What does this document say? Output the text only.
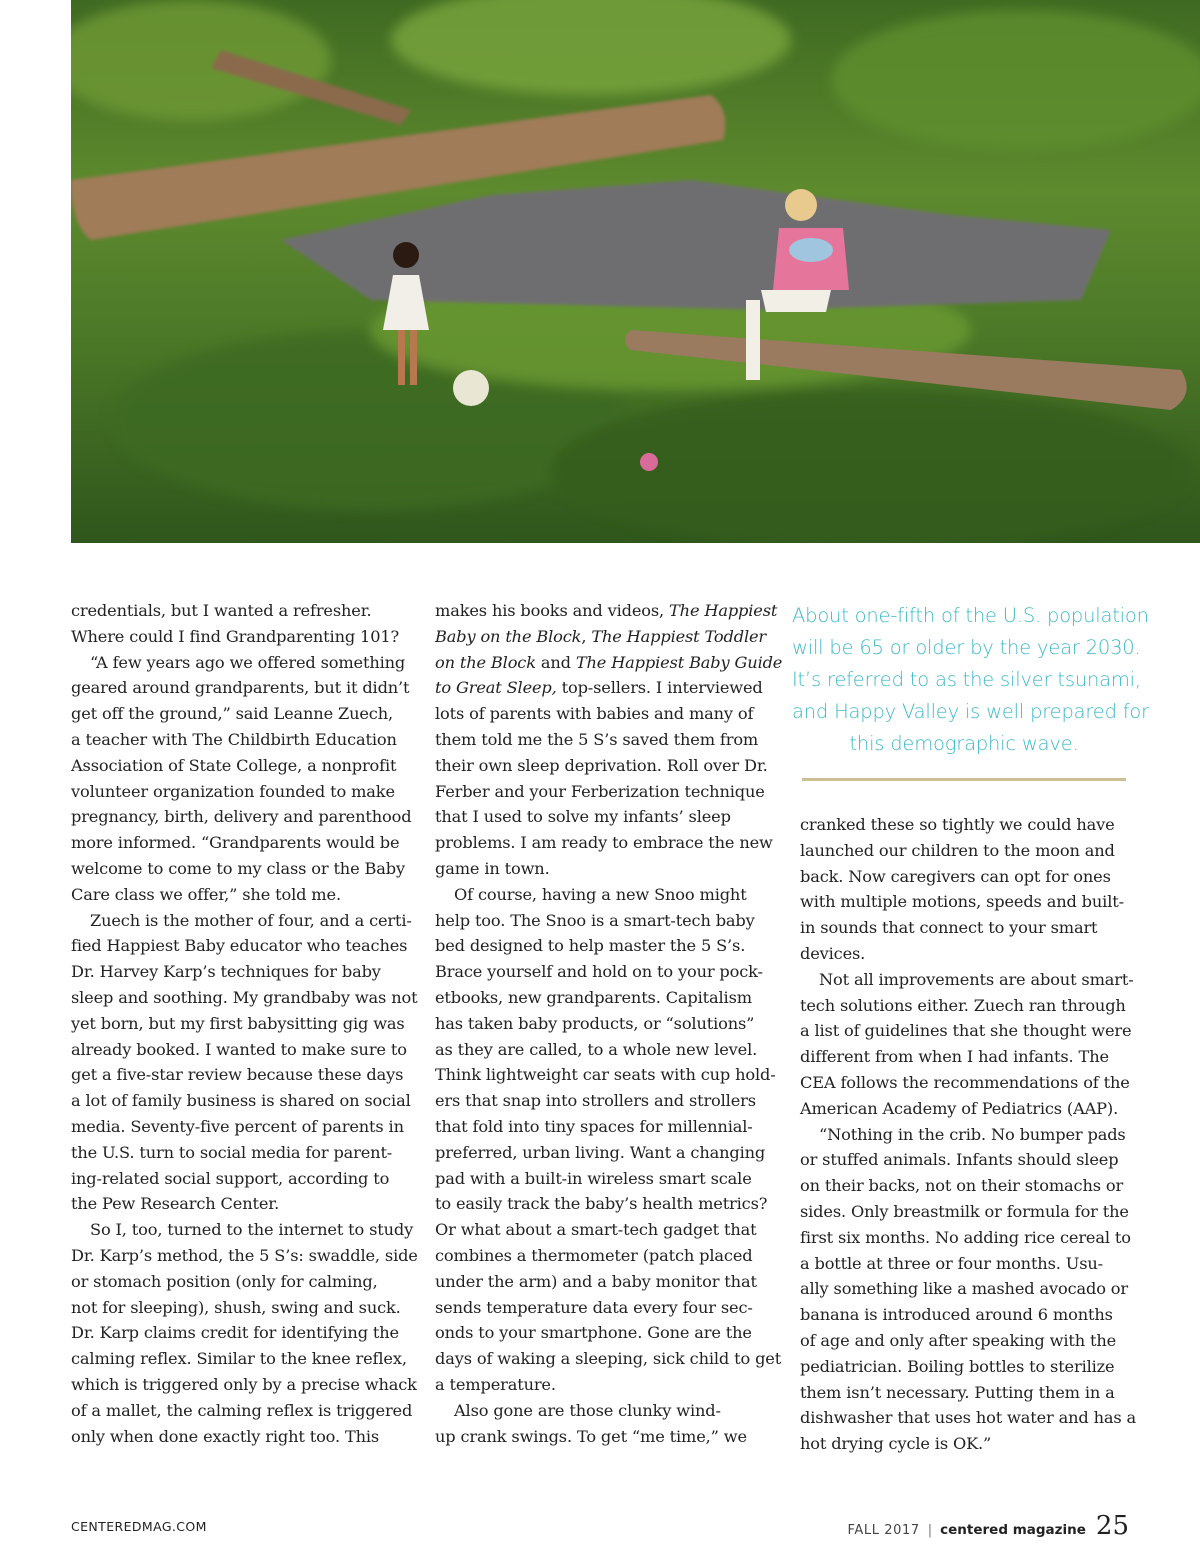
credentials, but I wanted a refresher.
Where could I find Grandparenting 101?
“A few years ago we offered something
geared around grandparents, but it didn’t
get off the ground,” said Leanne Zuech,
a teacher with The Childbirth Education
Association of State College, a nonprofit
volunteer organization founded to make
pregnancy, birth, delivery and parenthood
more informed. “Grandparents would be
welcome to come to my class or the Baby
Care class we offer,” she told me.
Zuech is the mother of four, and a certi-
fied Happiest Baby educator who teaches
Dr. Harvey Karp’s techniques for baby
sleep and soothing. My grandbaby was not
yet born, but my first babysitting gig was
already booked. I wanted to make sure to
get a five-star review because these days
a lot of family business is shared on social
media. Seventy-five percent of parents in
the U.S. turn to social media for parent-
ing-related social support, according to
the Pew Research Center.
So I, too, turned to the internet to study
Dr. Karp’s method, the 5 S’s: swaddle, side
or stomach position (only for calming,
not for sleeping), shush, swing and suck.
Dr. Karp claims credit for identifying the
calming reflex. Similar to the knee reflex,
which is triggered only by a precise whack
of a mallet, the calming reflex is triggered
only when done exactly right too. This
makes his books and videos, The Happiest
Baby on the Block, The Happiest Toddler
on the Block and The Happiest Baby Guide
to Great Sleep, top-sellers. I interviewed
lots of parents with babies and many of
them told me the 5 S’s saved them from
their own sleep deprivation. Roll over Dr.
Ferber and your Ferberization technique
that I used to solve my infants’ sleep
problems. I am ready to embrace the new
game in town.
Of course, having a new Snoo might
help too. The Snoo is a smart-tech baby
bed designed to help master the 5 S’s.
Brace yourself and hold on to your pock-
etbooks, new grandparents. Capitalism
has taken baby products, or “solutions”
as they are called, to a whole new level.
Think lightweight car seats with cup hold-
ers that snap into strollers and strollers
that fold into tiny spaces for millennial-
preferred, urban living. Want a changing
pad with a built-in wireless smart scale
to easily track the baby’s health metrics?
Or what about a smart-tech gadget that
combines a thermometer (patch placed
under the arm) and a baby monitor that
sends temperature data every four sec-
onds to your smartphone. Gone are the
days of waking a sleeping, sick child to get
a temperature.
Also gone are those clunky wind-
up crank swings. To get “me time,” we
About one-fifth of the U.S. population
will be 65 or older by the year 2030.
It’s referred to as the silver tsunami,
and Happy Valley is well prepared for
this demographic wave.
cranked these so tightly we could have
launched our children to the moon and
back. Now caregivers can opt for ones
with multiple motions, speeds and built-
in sounds that connect to your smart
devices.
Not all improvements are about smart-
tech solutions either. Zuech ran through
a list of guidelines that she thought were
different from when I had infants. The
CEA follows the recommendations of the
American Academy of Pediatrics (AAP).
“Nothing in the crib. No bumper pads
or stuffed animals. Infants should sleep
on their backs, not on their stomachs or
sides. Only breastmilk or formula for the
first six months. No adding rice cereal to
a bottle at three or four months. Usu-
ally something like a mashed avocado or
banana is introduced around 6 months
of age and only after speaking with the
pediatrician. Boiling bottles to sterilize
them isn’t necessary. Putting them in a
dishwasher that uses hot water and has a
hot drying cycle is OK.”
CENTEREDMAG.COM	FALL 2017 | centered magazine 25
